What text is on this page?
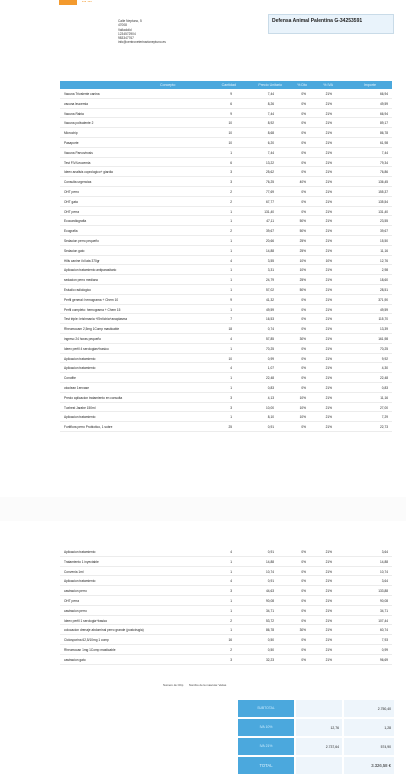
... ...
Calle Neptuno, 5
47008
Valladolid
1234572904
983347767
info@centroveterinarioneptuno.es
Defensa Animal Palentina G-34253591
Concepto	Cantidad	Precio Unitario	% Dto	% IVA	Importe
Vacuna Trivalente canina	9	7,44	0%	21%	66,94
vacuna leucemia	6	8,26	0%	21%	49,59
Vacuna Rabia	9	7,44	0%	21%	66,94
Vacuna polivalente 2	10	8,92	0%	21%	89,17
Microchip	10	8,68	0%	21%	86,78
Pasaporte	10	6,20	0%	21%	61,98
Vacuna Parvovirosis	1	7,44	0%	21%	7,44
Test FIV/Leucemia	6	13,22	0%	21%	79,34
Ideex analisis coprologico+ giardia	3	25,62	0%	21%	76,86
Consulta urgencias	3	76,25	40%	21%	136,45
OHT perro	2	77,69	0%	21%	155,37
OHT gata	2	67,77	0%	21%	135,54
OHT perra	1	131,40	0%	21%	131,40
Ecocardiografia	1	47,11	50%	21%	23,55
Ecografia	2	39,67	50%	21%	39,67
Sedacion perro pequeño	1	20,66	25%	21%	15,50
Sedacion gato	1	14,88	25%	21%	11,16
Hills canine i/d lata 370gr	4	3,55	10%	10%	12,76
Aplicacion tratamiento antiparasitario	1	3,31	10%	21%	2,98
sedacion perro mediano	1	24,79	25%	21%	18,60
Estudio radiologico	1	57,02	50%	21%	28,51
Perfil general: hemograma + Chem 10	9	41,32	0%	21%	371,90
Perfil completo: hemograma + Chem 15	1	49,59	0%	21%	49,59
Test triple: leishmania +Ehrlichia+anaplasma	7	16,53	0%	21%	115,70
Rheumocam 2,5mg 1Comp masticable	18	0,74	0%	21%	13,39
ingreso 24 horas pequeño	4	57,85	30%	21%	161,98
Ideex perfil 4 serologias+basico	1	70,25	0%	21%	70,25
Aplicacion tratamiento	10	0,99	0%	21%	9,92
Aplicacion tratamiento	4	1,07	0%	21%	4,30
Conofite	1	22,48	0%	21%	22,48
otoclean 1envase	1	0,83	0%	21%	0,83
Precio aplicacion tratamiento en consulta	3	4,13	10%	21%	11,16
Tuxhest Jarabe 150ml	3	10,00	10%	21%	27,00
Aplicacion tratamiento	1	8,10	10%	21%	7,29
Fortiflora perro Probiotico, 1 sobre	25	0,91	0%	21%	22,73
Aplicacion tratamiento	4	0,91	0%	21%	3,64
Tratamiento 1 inyectable	1	14,88	0%	21%	14,88
Convenia 1ml	1	10,74	0%	21%	10,74
Aplicacion tratamiento	4	0,91	0%	21%	3,64
castracion perro	3	44,63	0%	21%	133,88
OHT perra	1	90,08	0%	21%	90,08
castracion perro	1	34,71	0%	21%	34,71
Ideex perfil 1 serologia+basico	2	53,72	0%	21%	107,44
colocacion drenaje abdominal perro grande (postcirugia)	1	86,78	30%	21%	60,74
Ciclosporina 62,5/10mg 1 comp	16	0,50	0%	21%	7,93
Rheumocan 1mg 1Comp masticable	2	0,50	0%	21%	0,99
castracion gato	3	32,23	0%	21%	96,69
Numero de Chip Nombre de la mascota: Varias
SUBTOTAL	2.750,40
IVA 10%	12,76	1,28
IVA 21%	2.737,64	574,90
TOTAL	3.326,58 €
